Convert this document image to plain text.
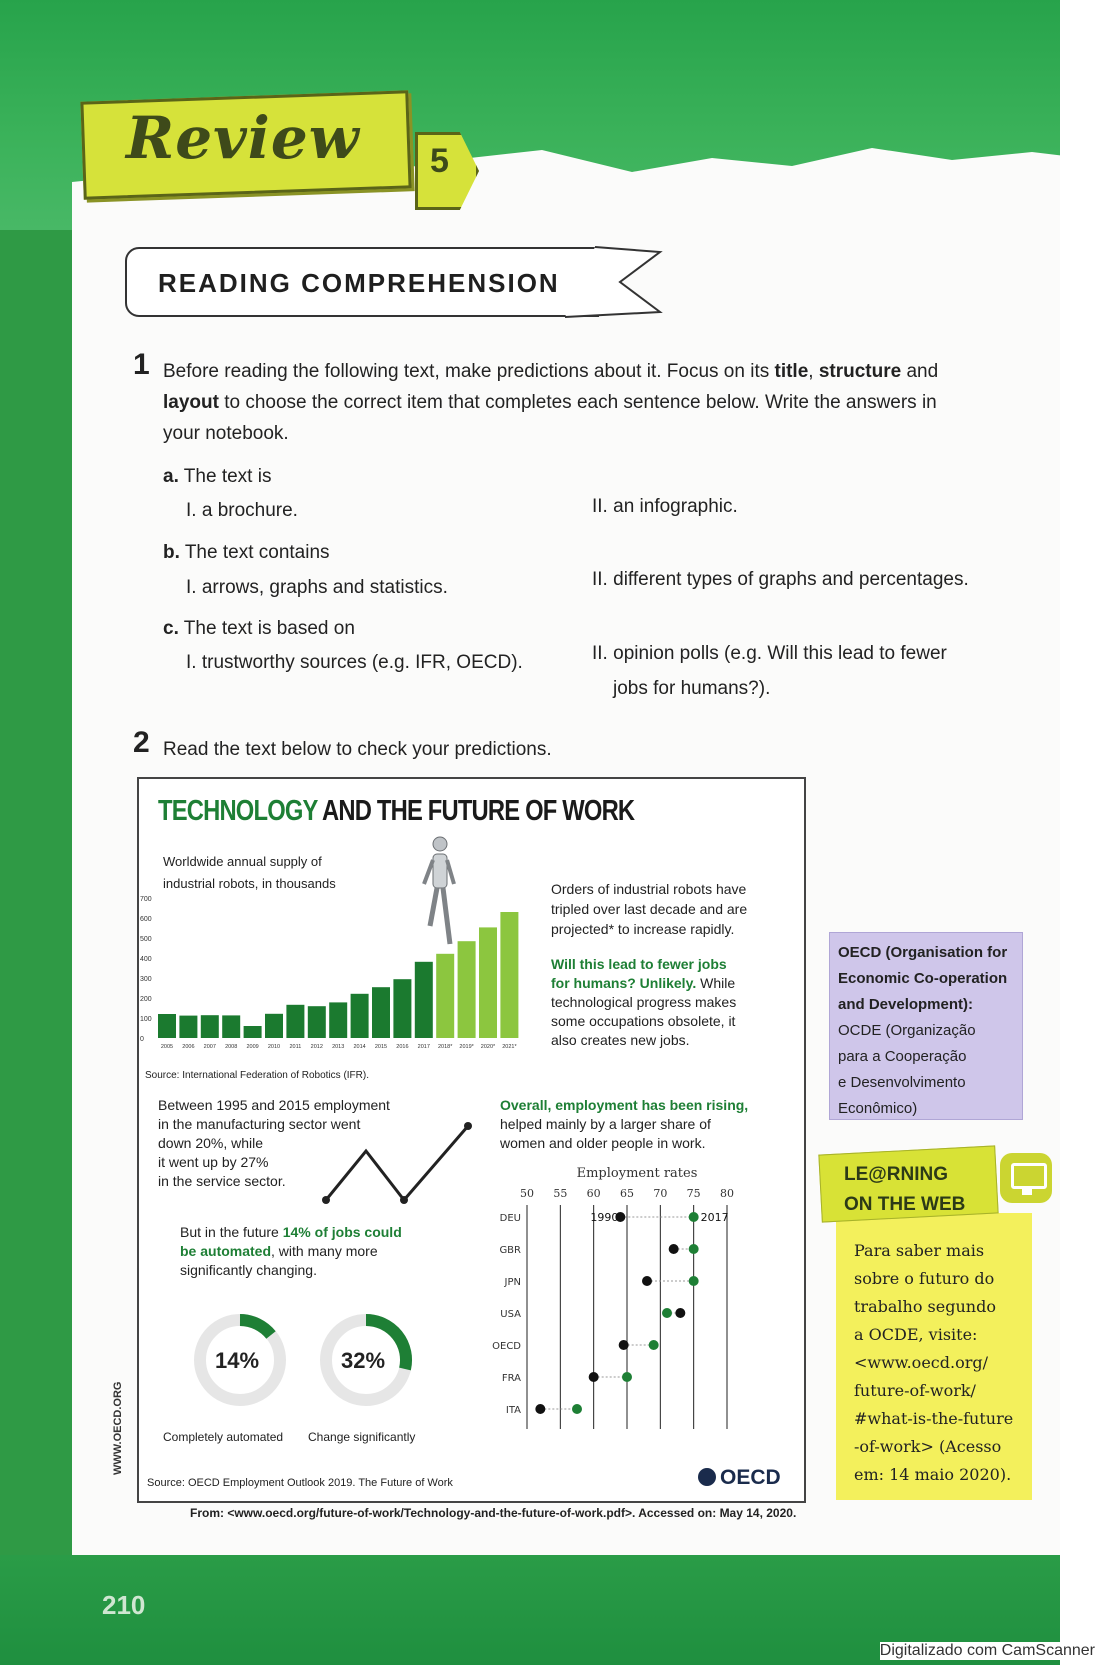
Review 5
READING COMPREHENSION
1 Before reading the following text, make predictions about it. Focus on its title, structure and
layout to choose the correct item that completes each sentence below. Write the answers in
your notebook.
a. The text is
I. a brochure.	II. an infographic.
b. The text contains
I. arrows, graphs and statistics.	II. different types of graphs and percentages.
c. The text is based on
I. trustworthy sources (e.g. IFR, OECD).	II. opinion polls (e.g. Will this lead to fewer
jobs for humans?).
2 Read the text below to check your predictions.
TECHNOLOGY AND THE FUTURE OF WORK
Worldwide annual supply of
industrial robots, in thousands
0
100
200
300
400
500
600
700
2005 2006 2007 2008 2009 2010 2011 2012 2013 2014 2015 2016 2017 2018* 2019* 2020* 2021*
Source: International Federation of Robotics (IFR).
Orders of industrial robots have
tripled over last decade and are
projected* to increase rapidly.
Will this lead to fewer jobs
for humans? Unlikely. While
technological progress makes
some occupations obsolete, it
also creates new jobs.
Between 1995 and 2015 employment
in the manufacturing sector went
down 20%, while
it went up by 27%
in the service sector.
Overall, employment has been rising,
helped mainly by a larger share of
women and older people in work.
Employment rates
50 55 60 65 70 75 80
DEU
GBR
JPN
USA
OECD
FRA
ITA
1990	2017
But in the future 14% of jobs could
be automated, with many more
significantly changing.
14%	32%
Completely automated Change significantly
Source: OECD Employment Outlook 2019. The Future of Work	OECD
WWW.OECD.ORG
From: <www.oecd.org/future-of-work/Technology-and-the-future-of-work.pdf>. Accessed on: May 14, 2020.
OECD (Organisation for
Economic Co-operation
and Development):
OCDE (Organização
para a Cooperação
e Desenvolvimento
Econômico)
LE@RNING
ON THE WEB
Para saber mais
sobre o futuro do
trabalho segundo
a OCDE, visite:
<www.oecd.org/
future-of-work/
#what-is-the-future
-of-work> (Acesso
em: 14 maio 2020).
210
Digitalizado com CamScanner
